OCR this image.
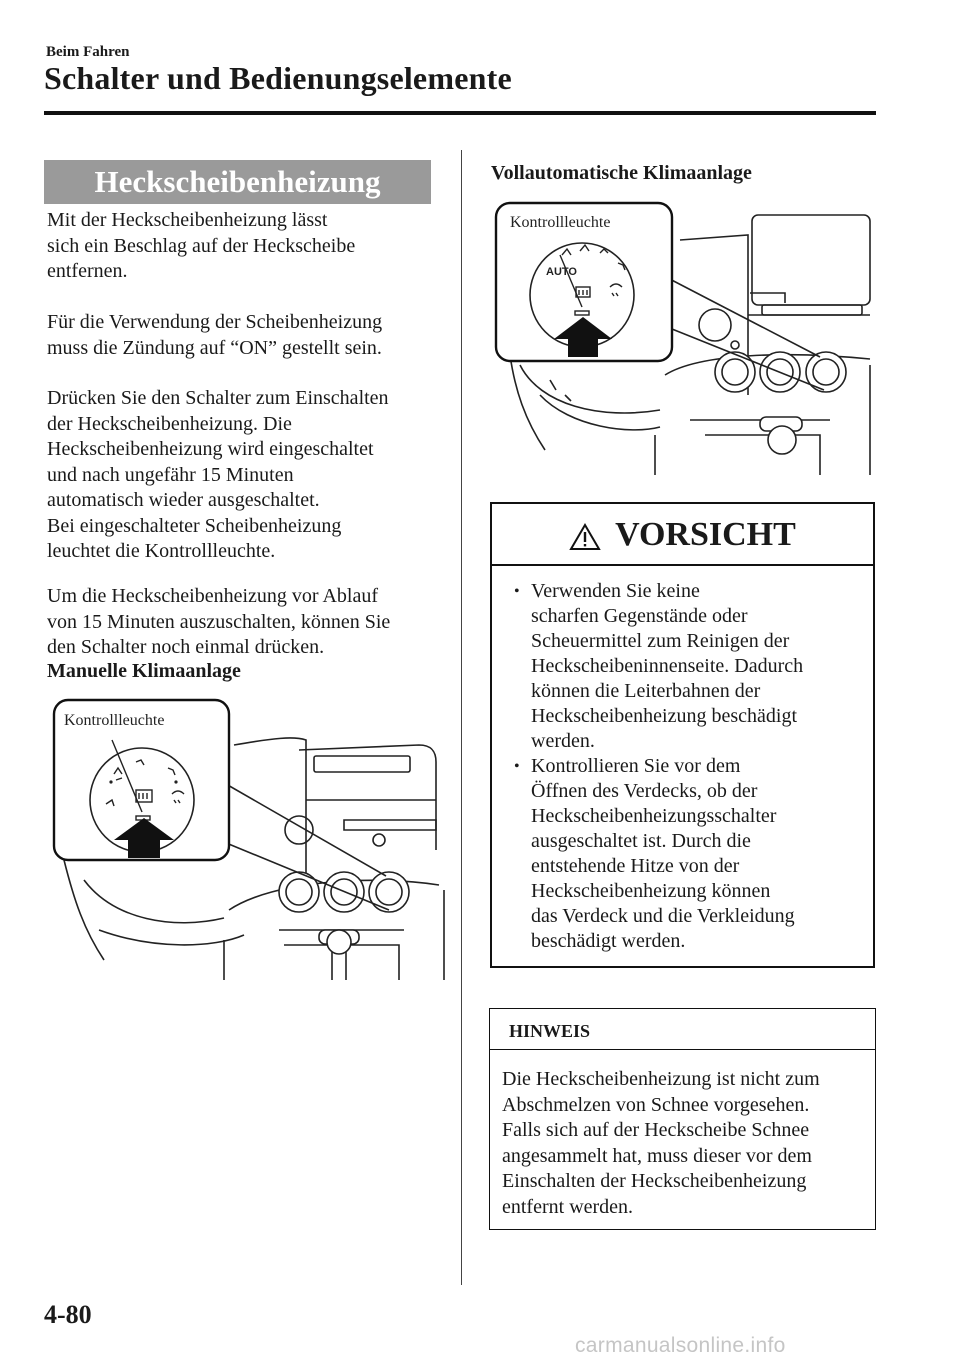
Beim Fahren
Schalter und Bedienungselemente
Heckscheibenheizung

Mit der Heckscheibenheizung lässt
sich ein Beschlag auf der Heckscheibe
entfernen.

Für die Verwendung der Scheibenheizung
muss die Zündung auf “ON” gestellt sein.

Drücken Sie den Schalter zum Einschalten
der Heckscheibenheizung. Die
Heckscheibenheizung wird eingeschaltet
und nach ungefähr 15 Minuten
automatisch wieder ausgeschaltet.
Bei eingeschalteter Scheibenheizung
leuchtet die Kontrollleuchte.

Um die Heckscheibenheizung vor Ablauf
von 15 Minuten auszuschalten, können Sie
den Schalter noch einmal drücken.

Manuelle Klimaanlage
Kontrollleuchte
Vollautomatische Klimaanlage
Kontrollleuchte
AUTO
VORSICHT
• Verwenden Sie keine
scharfen Gegenstände oder
Scheuermittel zum Reinigen der
Heckscheibeninnenseite. Dadurch
können die Leiterbahnen der
Heckscheibenheizung beschädigt
werden.
• Kontrollieren Sie vor dem
Öffnen des Verdecks, ob der
Heckscheibenheizungsschalter
ausgeschaltet ist. Durch die
entstehende Hitze von der
Heckscheibenheizung können
das Verdeck und die Verkleidung
beschädigt werden.
HINWEIS
Die Heckscheibenheizung ist nicht zum
Abschmelzen von Schnee vorgesehen.
Falls sich auf der Heckscheibe Schnee
angesammelt hat, muss dieser vor dem
Einschalten der Heckscheibenheizung
entfernt werden.
4-80
carmanualsonline.info
